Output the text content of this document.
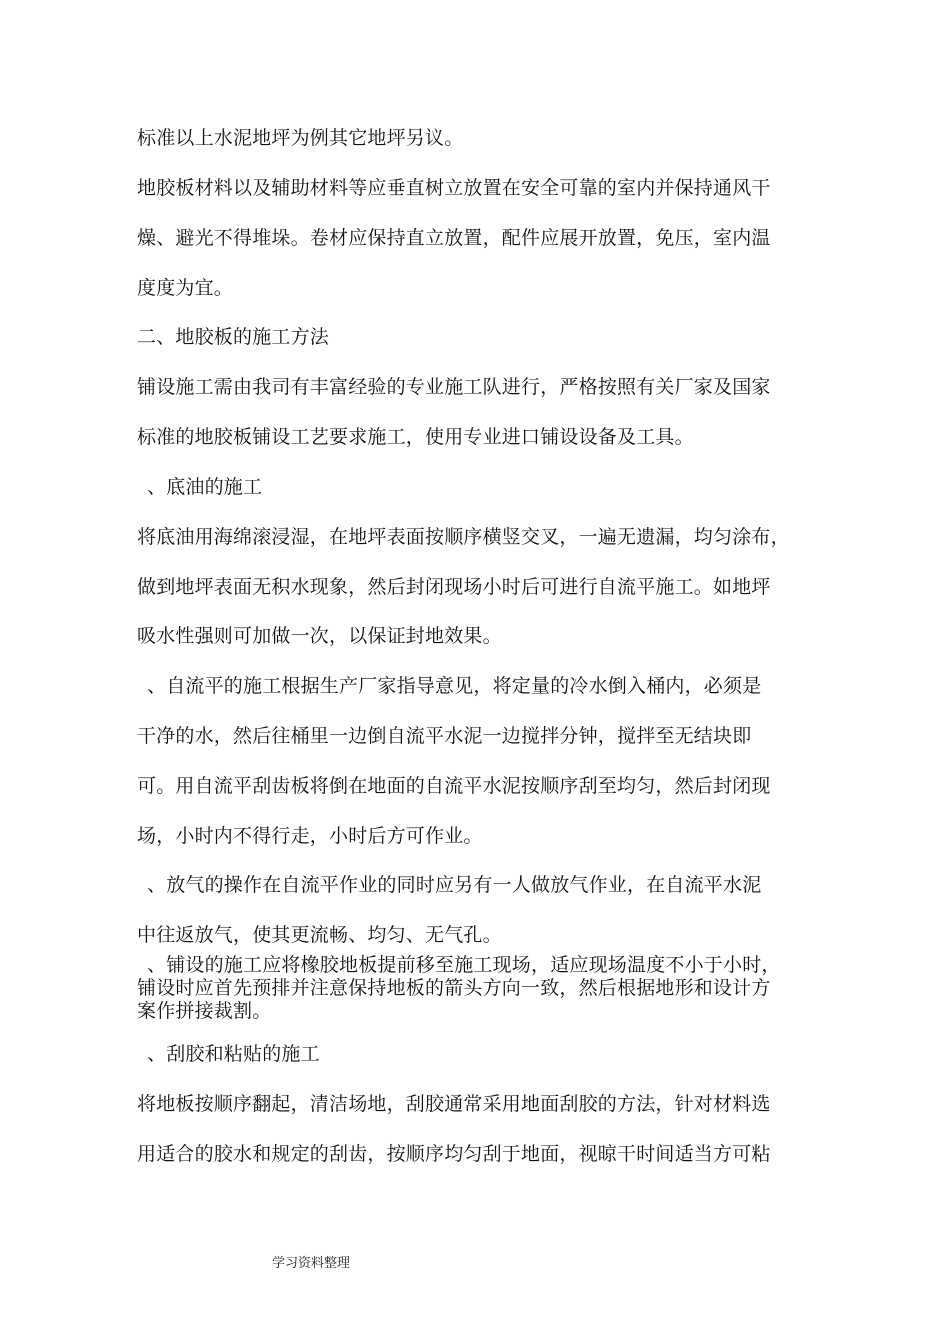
标准以上水泥地坪为例其它地坪另议。
地胶板材料以及辅助材料等应垂直树立放置在安全可靠的室内并保持通风干
燥、避光不得堆垛。卷材应保持直立放置，配件应展开放置，免压，室内温
度度为宜。
二、地胶板的施工方法
铺设施工需由我司有丰富经验的专业施工队进行，严格按照有关厂家及国家
标准的地胶板铺设工艺要求施工，使用专业进口铺设设备及工具。
、底油的施工
将底油用海绵滚浸湿，在地坪表面按顺序横竖交叉，一遍无遗漏，均匀涂布，
做到地坪表面无积水现象，然后封闭现场小时后可进行自流平施工。如地坪
吸水性强则可加做一次，以保证封地效果。
、自流平的施工根据生产厂家指导意见，将定量的冷水倒入桶内，必须是
干净的水，然后往桶里一边倒自流平水泥一边搅拌分钟，搅拌至无结块即
可。用自流平刮齿板将倒在地面的自流平水泥按顺序刮至均匀，然后封闭现
场，小时内不得行走，小时后方可作业。
、放气的操作在自流平作业的同时应另有一人做放气作业，在自流平水泥
中往返放气，使其更流畅、均匀、无气孔。
、铺设的施工应将橡胶地板提前移至施工现场，适应现场温度不小于小时，
铺设时应首先预排并注意保持地板的箭头方向一致，然后根据地形和设计方
案作拼接裁割。
、刮胶和粘贴的施工
将地板按顺序翻起，清洁场地，刮胶通常采用地面刮胶的方法，针对材料选
用适合的胶水和规定的刮齿，按顺序均匀刮于地面，视晾干时间适当方可粘
学习资料整理
